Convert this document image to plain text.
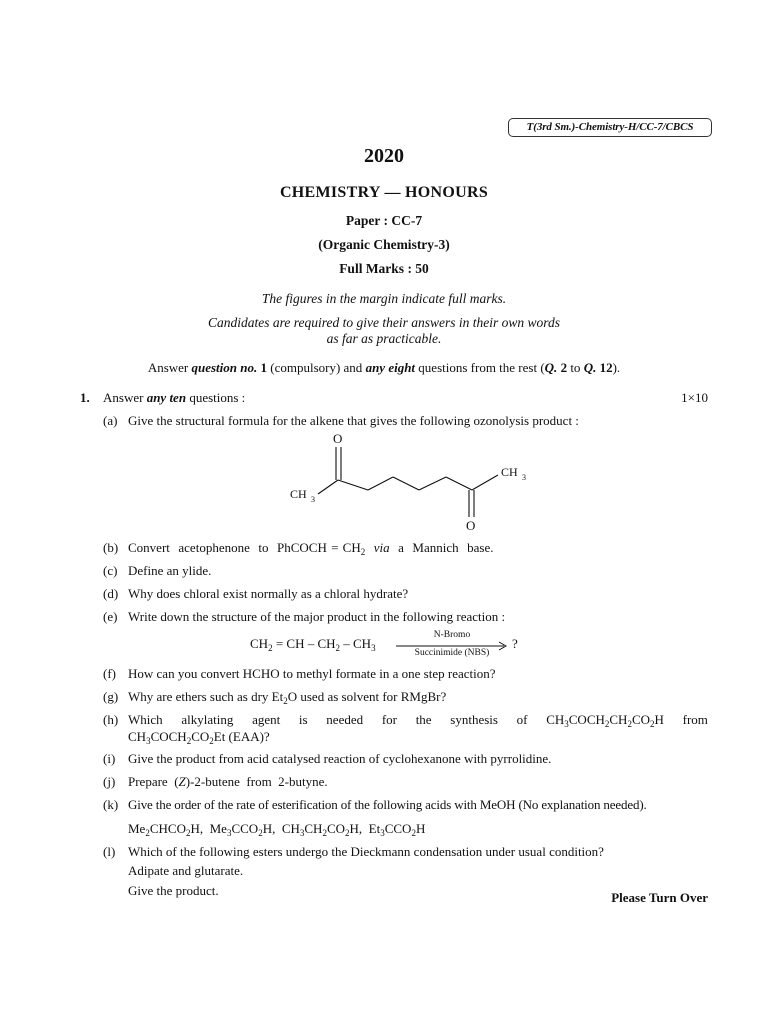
T(3rd Sm.)-Chemistry-H/CC-7/CBCS
2020
CHEMISTRY — HONOURS
Paper : CC-7
(Organic Chemistry-3)
Full Marks : 50
The figures in the margin indicate full marks.
Candidates are required to give their answers in their own words
as far as practicable.
Answer question no. 1 (compulsory) and any eight questions from the rest (Q. 2 to Q. 12).
1. Answer any ten questions :	1×10
(a) Give the structural formula for the alkene that gives the following ozonolysis product :
O
O
CH 3
CH 3
(b) Convert acetophenone to PhCOCH = $CH_2$ via a Mannich base.
(c) Define an ylide.
(d) Why does chloral exist normally as a chloral hydrate?
(e) Write down the structure of the major product in the following reaction :
$CH_2$ = CH – $CH_2 - CH_3$
N-Bromo
Succinimide (NBS)
?
(f) How can you convert HCHO to methyl formate in a one step reaction?
(g) Why are ethers such as dry $Et_2O$ used as solvent for RMgBr?
(h) Which alkylating agent is needed for the synthesis of $CH_3COCH_2CH_2CO_2H$ from
$CH_3COCH_2CO_2Et$ (EAA)?
(i) Give the product from acid catalysed reaction of cyclohexanone with pyrrolidine.
(j) Prepare  (Z)-2-butene  from  2-butyne.
(k) Give the order of the rate of esterification of the following acids with MeOH (No explanation needed).
$Me_2CHCO_2H$, $Me_3CCO_2H$, $CH_3CH_2CO_2H$, $Et_3CCO_2H$
(l) Which of the following esters undergo the Dieckmann condensation under usual condition?
Adipate and glutarate.
Give the product.	Please Turn Over
